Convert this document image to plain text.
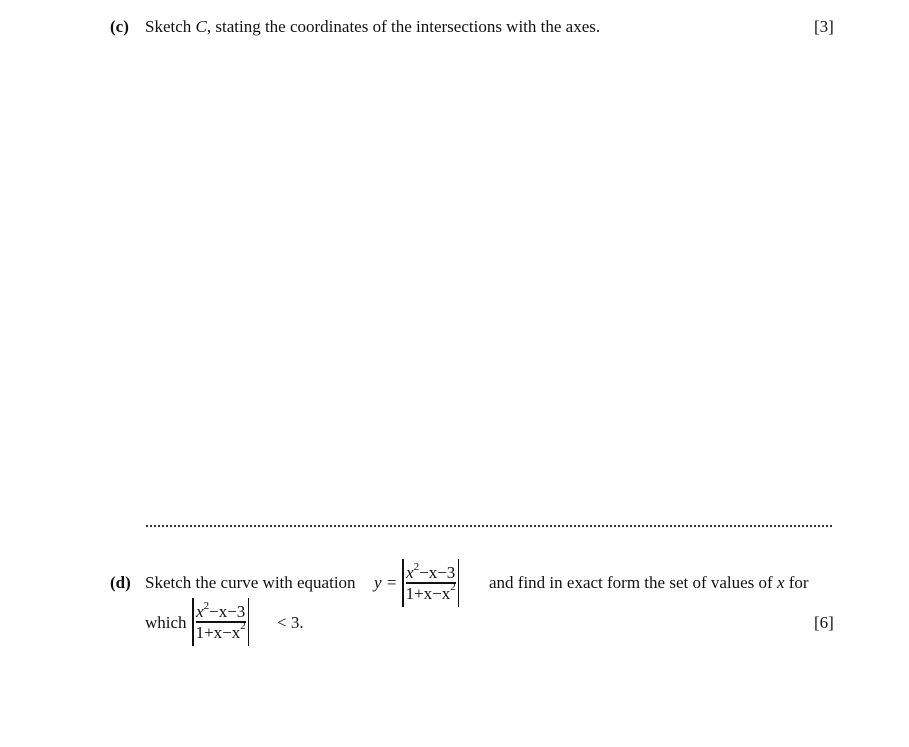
(c) Sketch C, stating the coordinates of the intersections with the axes.	[3]
(d) Sketch the curve with equation $y = \frac{x^2-x-3}{1+x-x^2}$ and find in exact form the set of values of x for
which $\frac{x^2-x-3}{1+x-x^2} < 3$.	[6]
